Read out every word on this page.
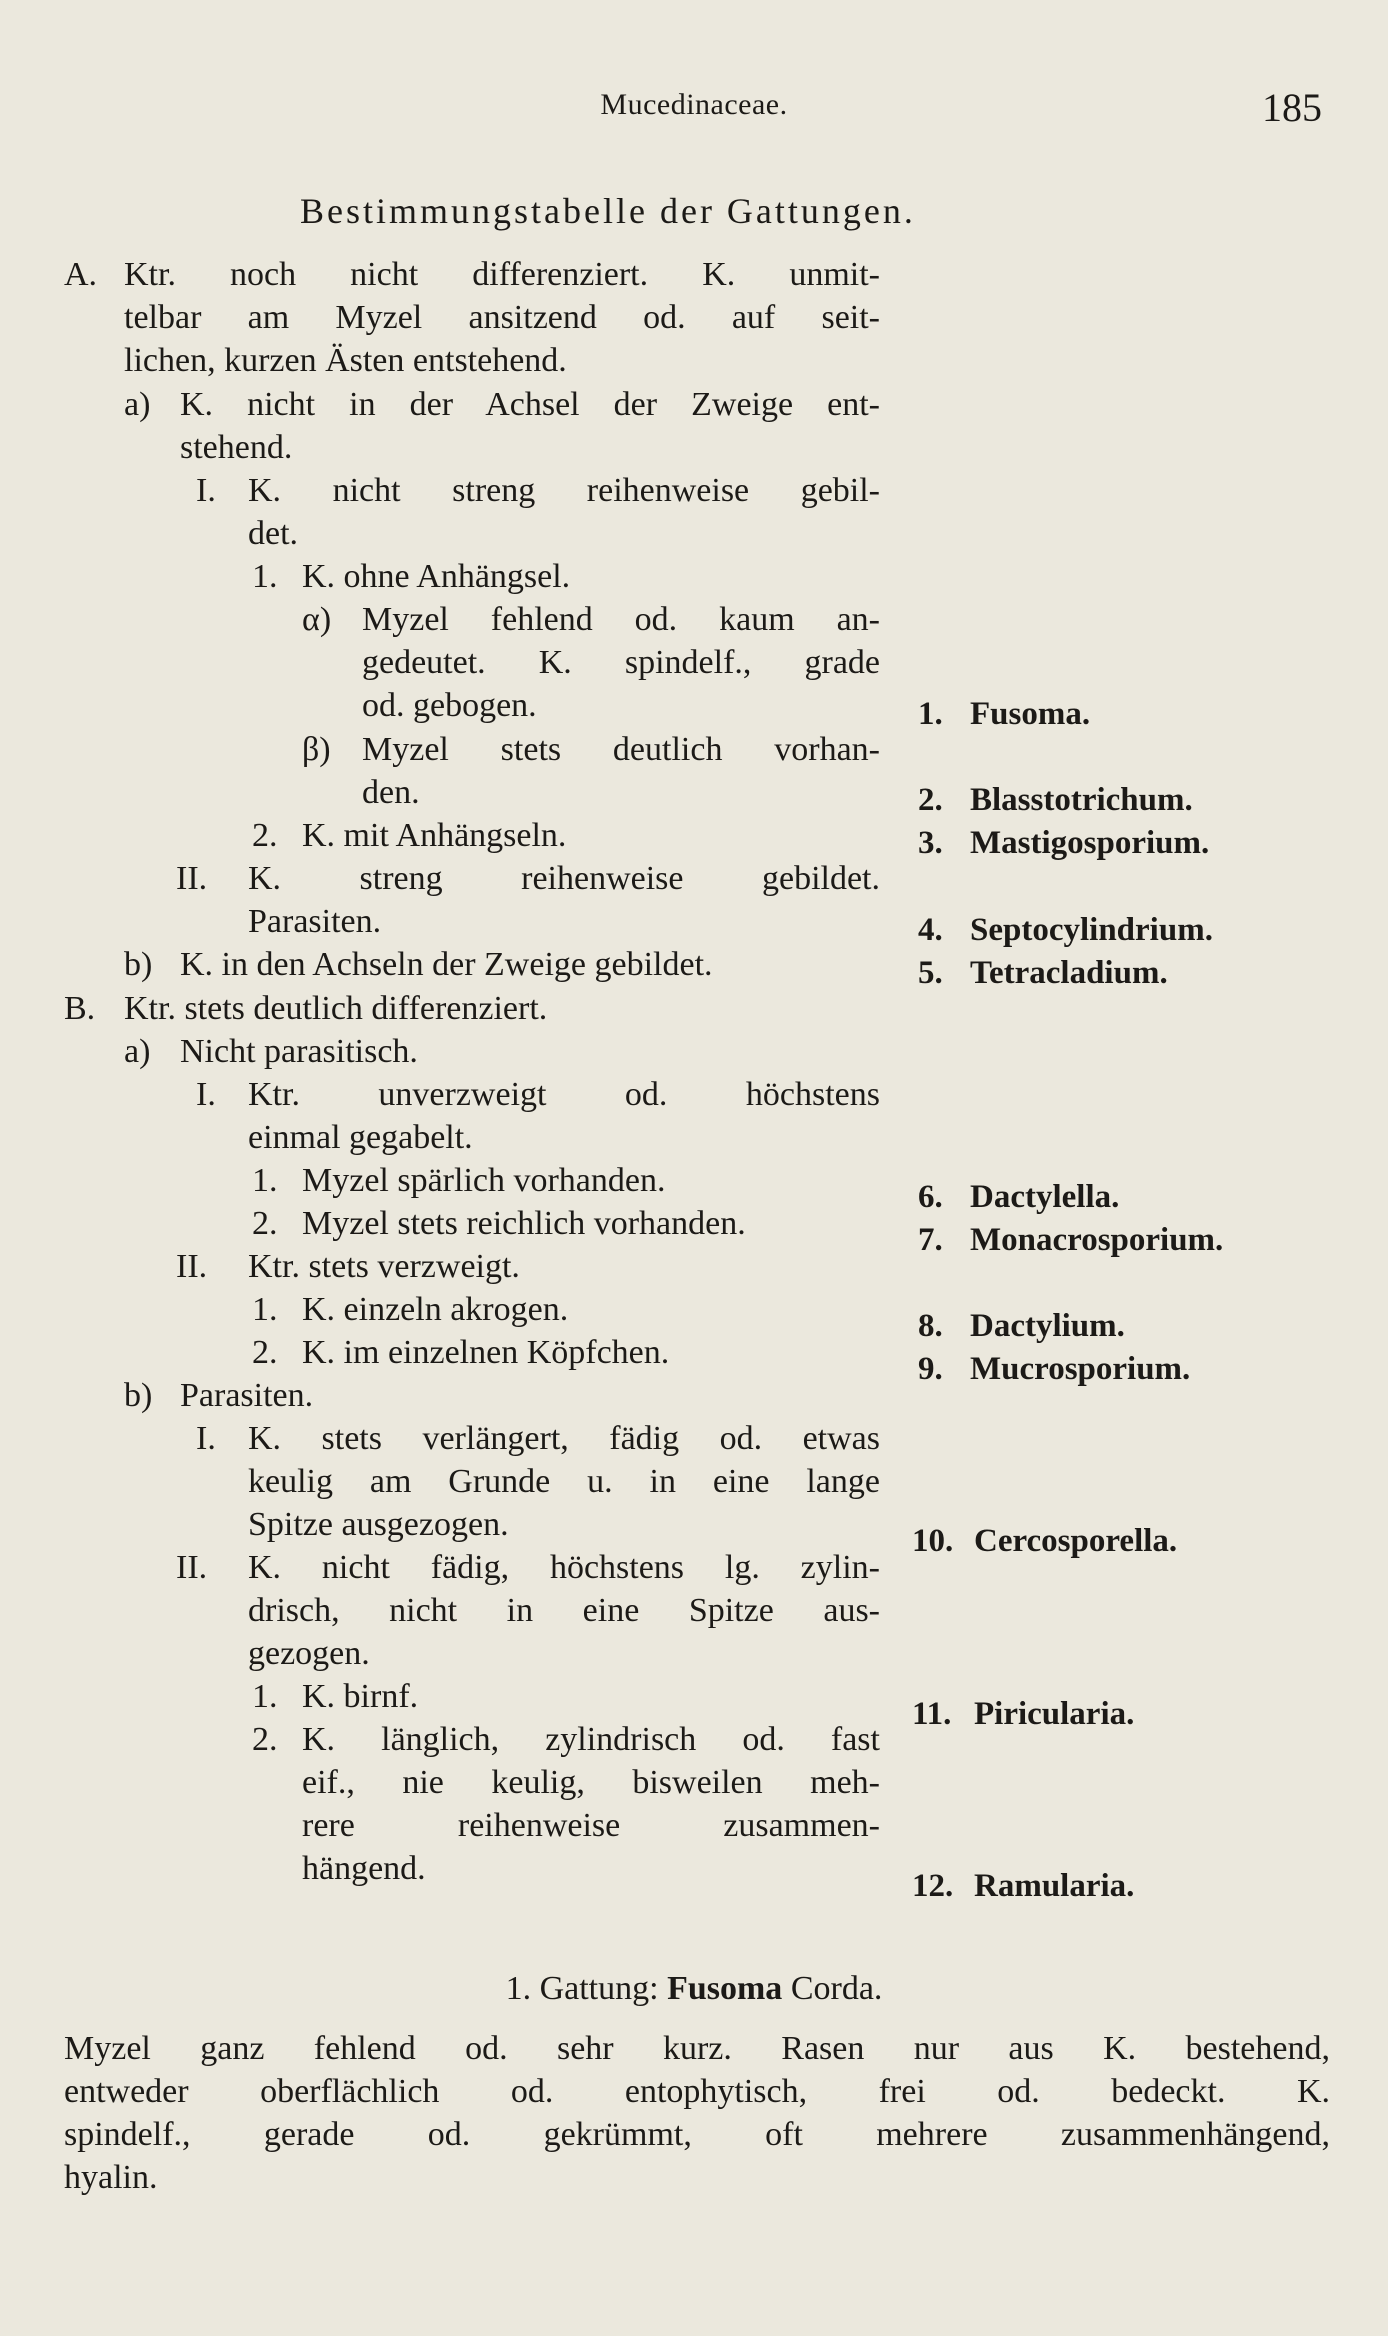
Mucedinaceae.	185
Bestimmungstabelle der Gattungen.
A. Ktr. noch nicht differenziert. K. unmit-
telbar am Myzel ansitzend od. auf seit-
lichen, kurzen Ästen entstehend.
a) K. nicht in der Achsel der Zweige ent-
stehend.
I. K. nicht streng reihenweise gebil-
det.
1. K. ohne Anhängsel.
α) Myzel fehlend od. kaum an-
gedeutet. K. spindelf., grade
od. gebogen.
β) Myzel stets deutlich vorhan-
den.
2. K. mit Anhängseln.
II. K. streng reihenweise gebildet.
Parasiten.
b) K. in den Achseln der Zweige gebildet.
B. Ktr. stets deutlich differenziert.
a) Nicht parasitisch.
I. Ktr. unverzweigt od. höchstens
einmal gegabelt.
1. Myzel spärlich vorhanden.
2. Myzel stets reichlich vorhanden.
II. Ktr. stets verzweigt.
1. K. einzeln akrogen.
2. K. im einzelnen Köpfchen.
b) Parasiten.
I. K. stets verlängert, fädig od. etwas
keulig am Grunde u. in eine lange
Spitze ausgezogen.
II. K. nicht fädig, höchstens lg. zylin-
drisch, nicht in eine Spitze aus-
gezogen.
1. K. birnf.
2. K. länglich, zylindrisch od. fast
eif., nie keulig, bisweilen meh-
rere reihenweise zusammen-
hängend.
1. Fusoma.
2. Blasstotrichum.
3. Mastigosporium.
4. Septocylindrium.
5. Tetracladium.
6. Dactylella.
7. Monacrosporium.
8. Dactylium.
9. Mucrosporium.
10. Cercosporella.
11. Piricularia.
12. Ramularia.
1. Gattung: Fusoma Corda.
Myzel ganz fehlend od. sehr kurz. Rasen nur aus K. bestehend,
entweder oberflächlich od. entophytisch, frei od. bedeckt. K.
spindelf., gerade od. gekrümmt, oft mehrere zusammenhängend,
hyalin.
